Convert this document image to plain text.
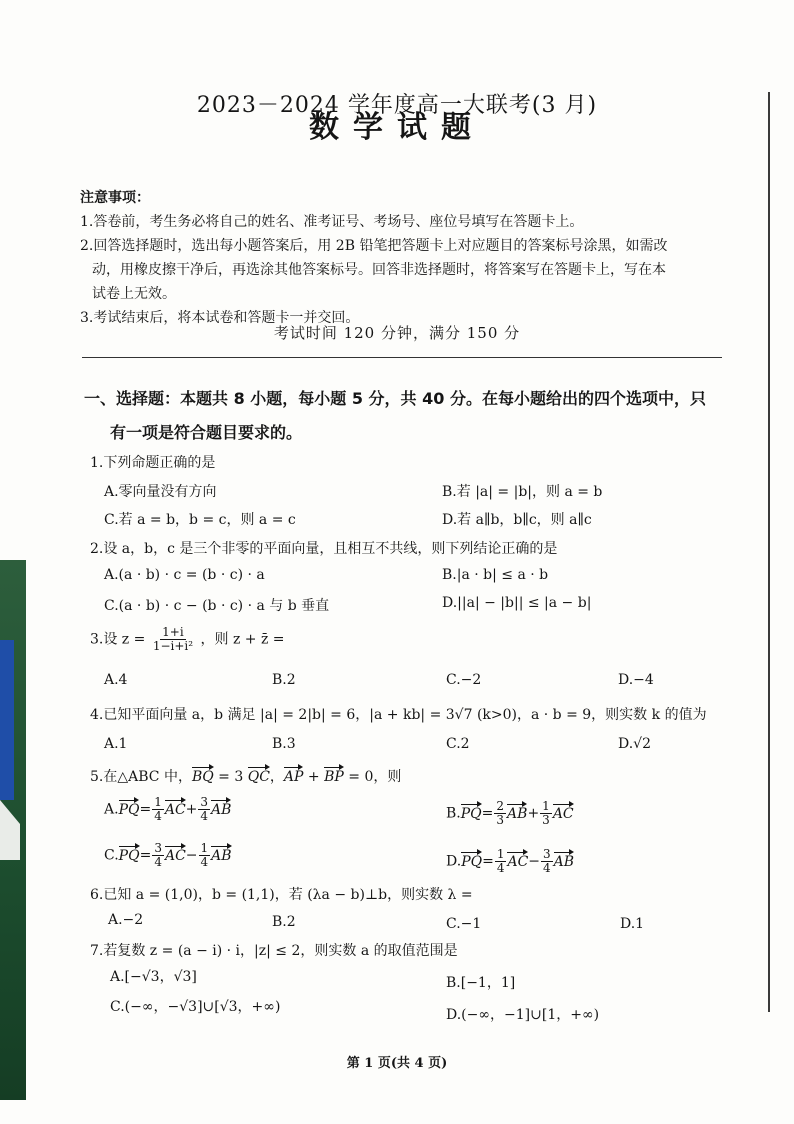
2023－2024 学年度高一大联考(3 月)
数学试题
注意事项：
1.答卷前，考生务必将自己的姓名、准考证号、考场号、座位号填写在答题卡上。
2.回答选择题时，选出每小题答案后，用 2B 铅笔把答题卡上对应题目的答案标号涂黑，如需改
动，用橡皮擦干净后，再选涂其他答案标号。回答非选择题时，将答案写在答题卡上，写在本
试卷上无效。
3.考试结束后，将本试卷和答题卡一并交回。
考试时间 120 分钟，满分 150 分
一、选择题：本题共 8 小题，每小题 5 分，共 40 分。在每小题给出的四个选项中，只
有一项是符合题目要求的。
1.下列命题正确的是
A.零向量没有方向	B.若 |a| = |b|，则 a = b
C.若 a = b，b = c，则 a = c	D.若 a∥b，b∥c，则 a∥c
2.设 a，b，c 是三个非零的平面向量，且相互不共线，则下列结论正确的是
A.(a · b) · c = (b · c) · a	B.|a · b| ≤ a · b
C.(a · b) · c − (b · c) · a 与 b 垂直	D.||a| − |b|| ≤ |a − b|
3.设 $z = \frac{1+i}{\text{1−i+i²}}$ ，则 z + z̄ =
A.4	B.2	C.−2	D.−4
4.已知平面向量 a，b 满足 |a| = 2|b| = 6，|a + kb| = 3√7 (k>0)，a · b = 9，则实数 k 的值为
A.1	B.3	C.2	D.√2
5.在△ABC 中，BQ = 3 QC，AP + BP = 0，则
$A.PQ= \frac{1}{4} AC+ \frac{3}{4}$ AB	$B.PQ= \frac{2}{3} AB+ \frac{1}{3}$ AC
$C.PQ= \frac{3}{4} AC- \frac{1}{4}$ AB	$D.PQ= \frac{1}{4} AC- \frac{3}{4}$ AB
6.已知 a = (1,0)，b = (1,1)，若 (λa − b)⊥b，则实数 λ =
A.−2	B.2	C.−1	D.1
7.若复数 z = (a − i) · i，|z| ≤ 2，则实数 a 的取值范围是
A.[−√3，√3]	B.[−1，1]
C.(−∞，−√3]∪[√3，+∞)	D.(−∞，−1]∪[1，+∞)
第 1 页(共 4 页)
